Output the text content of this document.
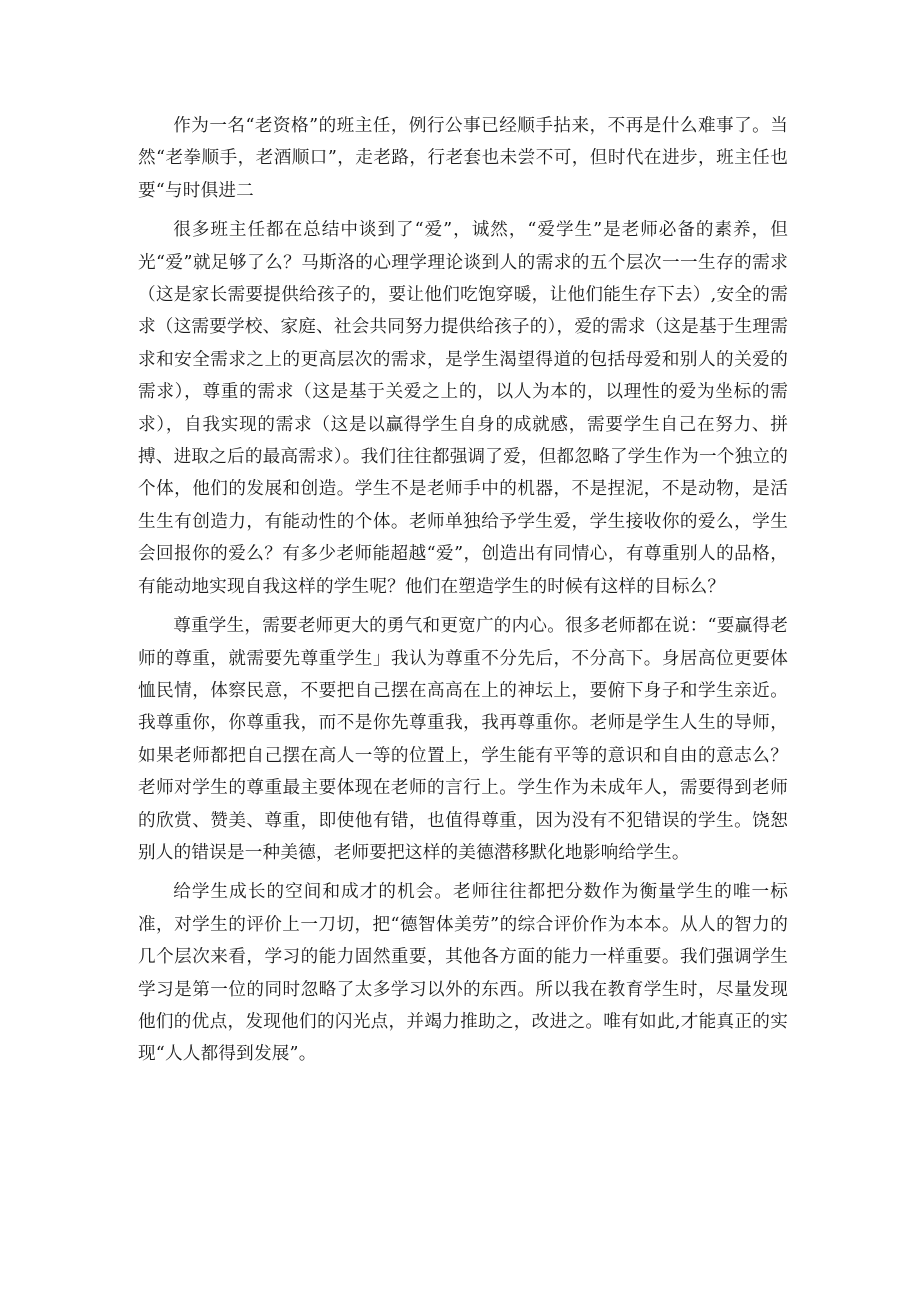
作为一名“老资格”的班主任，例行公事已经顺手拈来，不再是什么难事了。当然“老拳顺手，老酒顺口”，走老路，行老套也未尝不可，但时代在进步，班主任也要“与时俱进二

很多班主任都在总结中谈到了“爱”，诚然，“爱学生”是老师必备的素养，但光“爱”就足够了么？马斯洛的心理学理论谈到人的需求的五个层次一一生存的需求（这是家长需要提供给孩子的，要让他们吃饱穿暖，让他们能生存下去）,安全的需求（这需要学校、家庭、社会共同努力提供给孩子的），爱的需求（这是基于生理需求和安全需求之上的更高层次的需求，是学生渴望得道的包括母爱和别人的关爱的需求），尊重的需求（这是基于关爱之上的，以人为本的，以理性的爱为坐标的需求），自我实现的需求（这是以赢得学生自身的成就感，需要学生自己在努力、拼搏、进取之后的最高需求）。我们往往都强调了爱，但都忽略了学生作为一个独立的个体，他们的发展和创造。学生不是老师手中的机器，不是捏泥，不是动物，是活生生有创造力，有能动性的个体。老师单独给予学生爱，学生接收你的爱么，学生会回报你的爱么？有多少老师能超越“爱”，创造出有同情心，有尊重别人的品格，有能动地实现自我这样的学生呢？他们在塑造学生的时候有这样的目标么？

尊重学生，需要老师更大的勇气和更宽广的内心。很多老师都在说：“要赢得老师的尊重，就需要先尊重学生」我认为尊重不分先后，不分高下。身居高位更要体恤民情，体察民意，不要把自己摆在高高在上的神坛上，要俯下身子和学生亲近。我尊重你，你尊重我，而不是你先尊重我，我再尊重你。老师是学生人生的导师，如果老师都把自己摆在高人一等的位置上，学生能有平等的意识和自由的意志么？老师对学生的尊重最主要体现在老师的言行上。学生作为未成年人，需要得到老师的欣赏、赞美、尊重，即使他有错，也值得尊重，因为没有不犯错误的学生。饶恕别人的错误是一种美德，老师要把这样的美德潜移默化地影响给学生。

给学生成长的空间和成才的机会。老师往往都把分数作为衡量学生的唯一标准，对学生的评价上一刀切，把“德智体美劳”的综合评价作为本本。从人的智力的几个层次来看，学习的能力固然重要，其他各方面的能力一样重要。我们强调学生学习是第一位的同时忽略了太多学习以外的东西。所以我在教育学生时，尽量发现他们的优点，发现他们的闪光点，并竭力推助之，改进之。唯有如此,才能真正的实现“人人都得到发展”。
